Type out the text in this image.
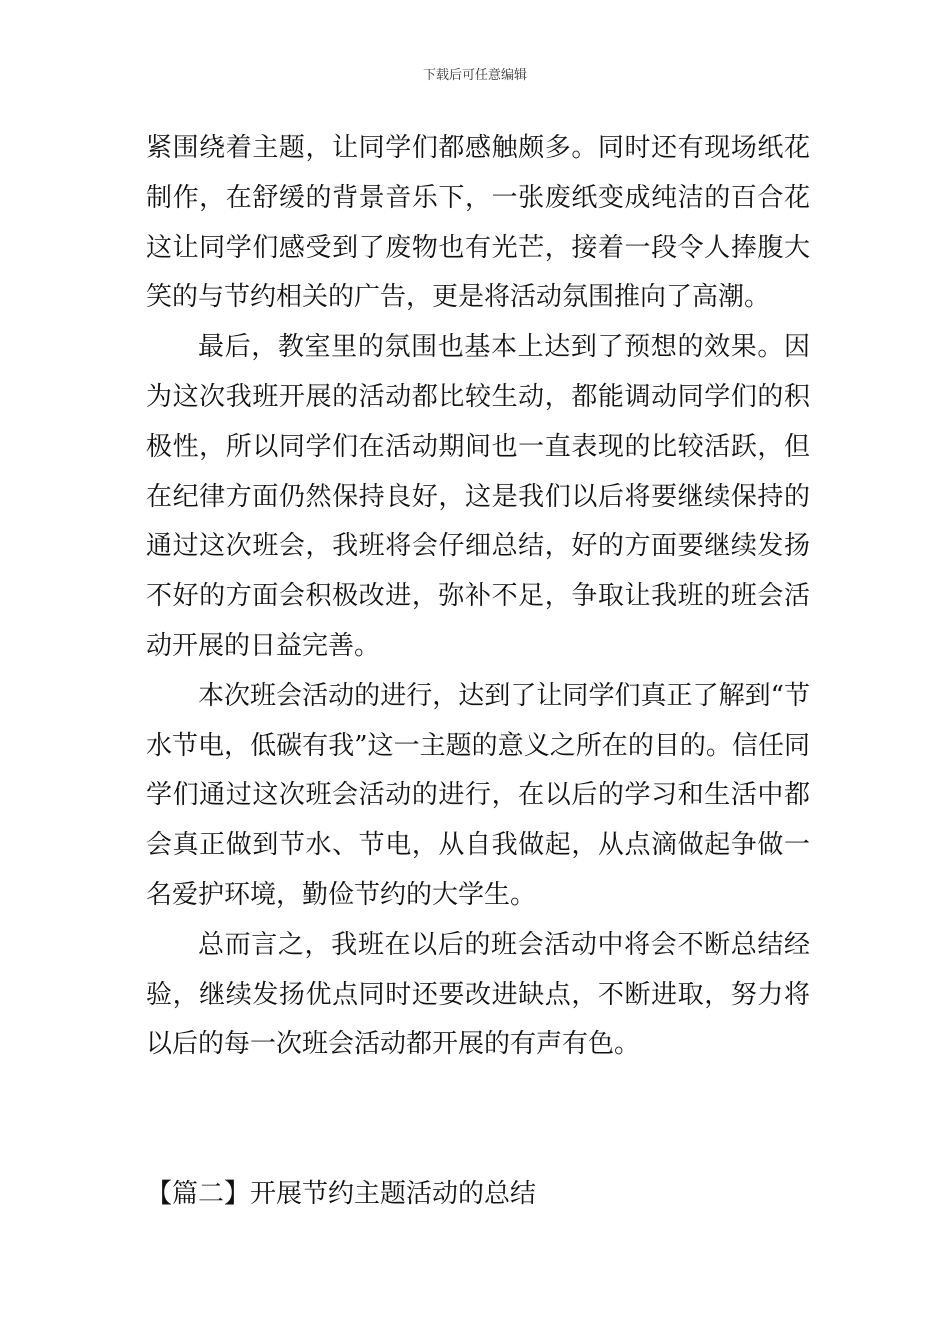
下载后可任意编辑

紧围绕着主题，让同学们都感触颇多。同时还有现场纸花制作，在舒缓的背景音乐下，一张废纸变成纯洁的百合花这让同学们感受到了废物也有光芒，接着一段令人捧腹大笑的与节约相关的广告，更是将活动氛围推向了高潮。

最后，教室里的氛围也基本上达到了预想的效果。因为这次我班开展的活动都比较生动，都能调动同学们的积极性，所以同学们在活动期间也一直表现的比较活跃，但在纪律方面仍然保持良好，这是我们以后将要继续保持的通过这次班会，我班将会仔细总结，好的方面要继续发扬不好的方面会积极改进，弥补不足，争取让我班的班会活动开展的日益完善。

本次班会活动的进行，达到了让同学们真正了解到“节水节电，低碳有我”这一主题的意义之所在的目的。信任同学们通过这次班会活动的进行，在以后的学习和生活中都会真正做到节水、节电，从自我做起，从点滴做起争做一名爱护环境，勤俭节约的大学生。

总而言之，我班在以后的班会活动中将会不断总结经验，继续发扬优点同时还要改进缺点，不断进取，努力将以后的每一次班会活动都开展的有声有色。

【篇二】开展节约主题活动的总结
